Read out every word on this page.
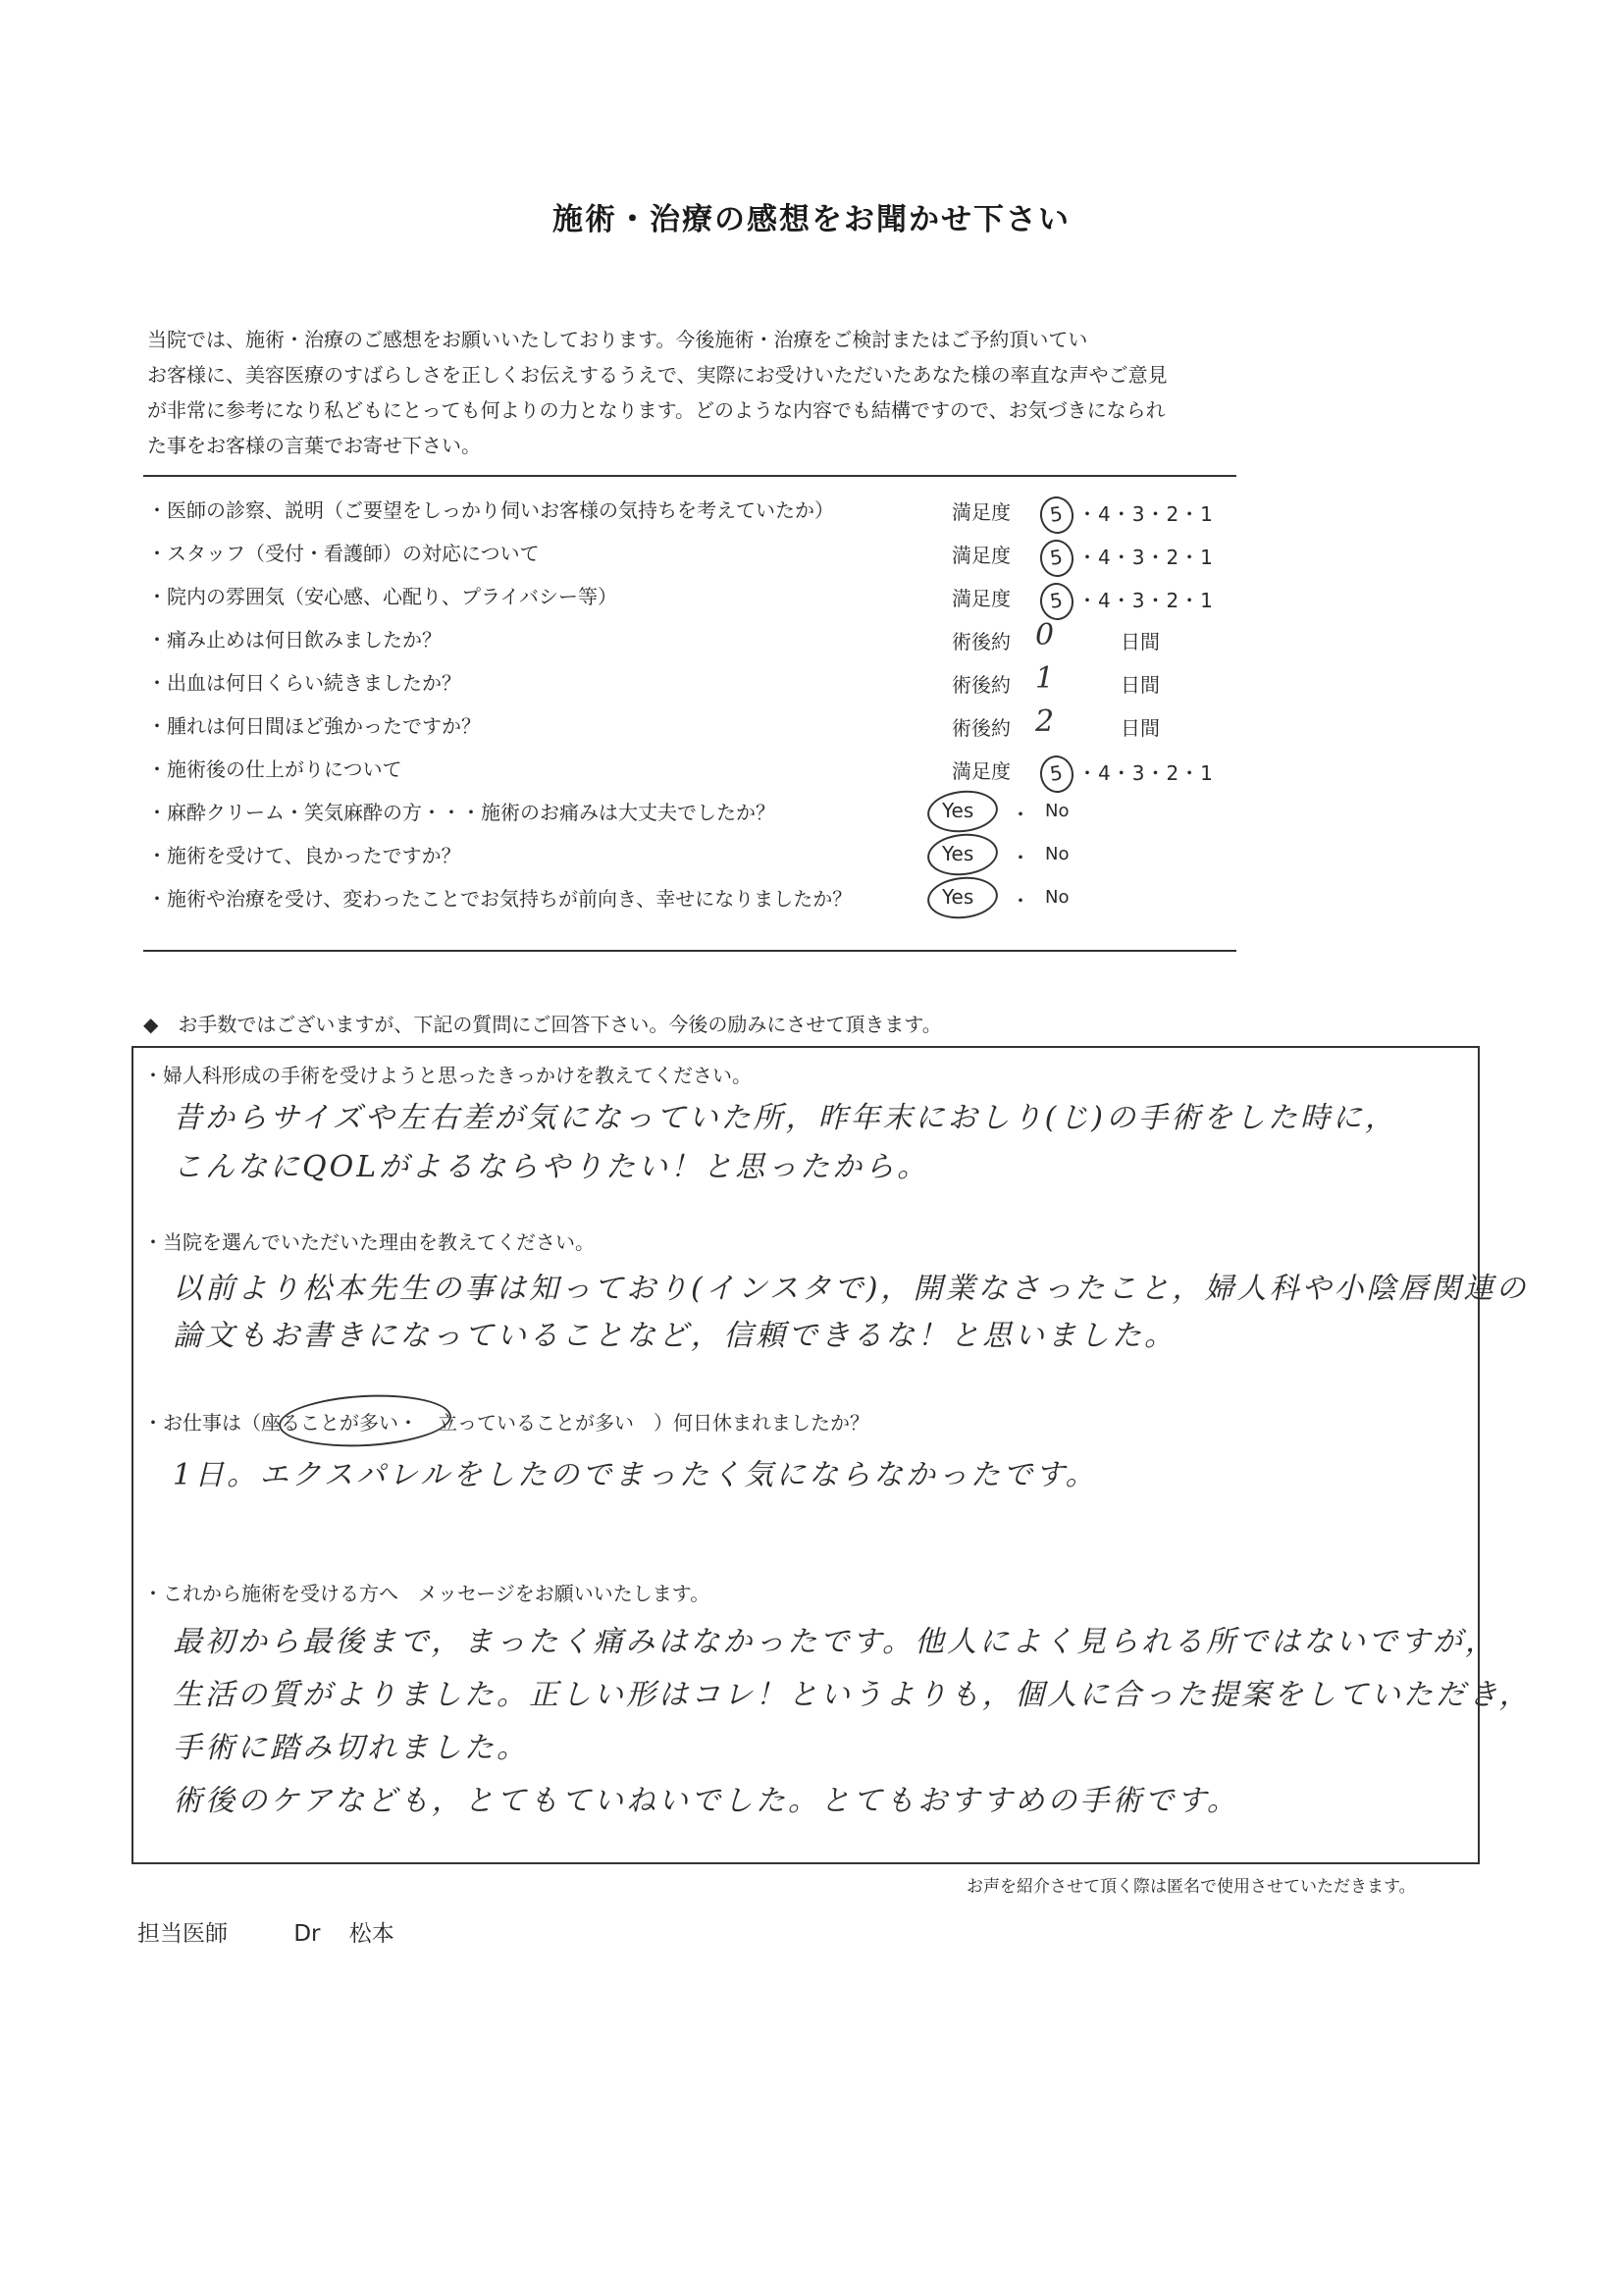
施術・治療の感想をお聞かせ下さい
当院では、施術・治療のご感想をお願いいたしております。今後施術・治療をご検討またはご予約頂いてい
お客様に、美容医療のすばらしさを正しくお伝えするうえで、実際にお受けいただいたあなた様の率直な声やご意見
が非常に参考になり私どもにとっても何よりの力となります。どのような内容でも結構ですので、お気づきになられ
た事をお客様の言葉でお寄せ下さい。
・医師の診察、説明（ご要望をしっかり伺いお客様の気持ちを考えていたか）	満足度	5 ・4・3・2・1
・スタッフ（受付・看護師）の対応について	満足度	5 ・4・3・2・1
・院内の雰囲気（安心感、心配り、プライバシー等）	満足度	5 ・4・3・2・1
・痛み止めは何日飲みましたか？	術後約 0	日間
・出血は何日くらい続きましたか？	術後約 1	日間
・腫れは何日間ほど強かったですか？	術後約 2	日間
・施術後の仕上がりについて	満足度	5 ・4・3・2・1
・麻酔クリーム・笑気麻酔の方・・・施術のお痛みは大丈夫でしたか？	Yes ・ No
・施術を受けて、良かったですか？	Yes ・ No
・施術や治療を受け、変わったことでお気持ちが前向き、幸せになりましたか？	Yes ・ No
◆　お手数ではございますが、下記の質問にご回答下さい。今後の励みにさせて頂きます。
・婦人科形成の手術を受けようと思ったきっかけを教えてください。
昔からサイズや左右差が気になっていた所，昨年末におしり(じ)の手術をした時に，
こんなにQOLがよるならやりたい！と思ったから。
・当院を選んでいただいた理由を教えてください。
以前より松本先生の事は知っており(インスタで)，開業なさったこと，婦人科や小陰唇関連の
論文もお書きになっていることなど，信頼できるな！と思いました。
・お仕事は（座ることが多い・　立っていることが多い　）何日休まれましたか？
1日。エクスパレルをしたのでまったく気にならなかったです。
・これから施術を受ける方へ　メッセージをお願いいたします。
最初から最後まで，まったく痛みはなかったです。他人によく見られる所ではないですが，
生活の質がよりました。正しい形はコレ！というよりも，個人に合った提案をしていただき，
手術に踏み切れました。
術後のケアなども，とてもていねいでした。とてもおすすめの手術です。
お声を紹介させて頂く際は匿名で使用させていただきます。
担当医師	Dr 松本
